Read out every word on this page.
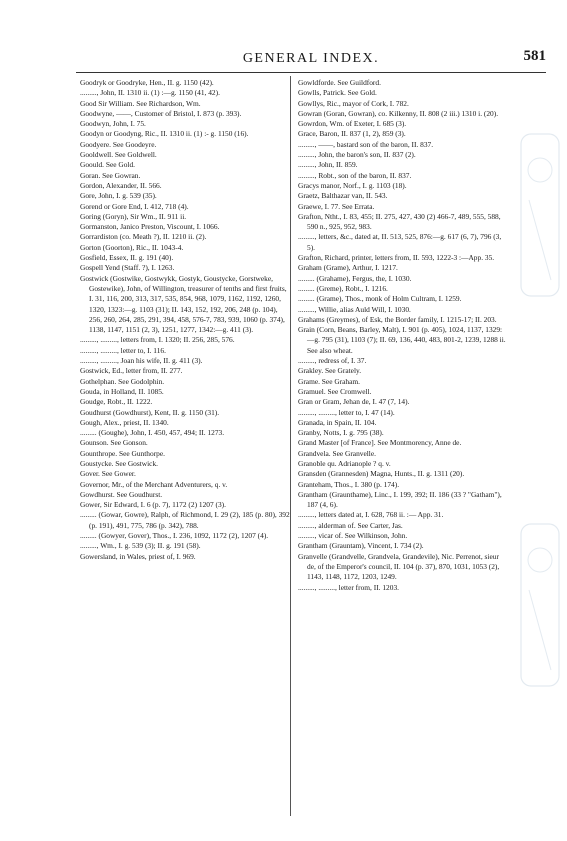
GENERAL INDEX.	581
Goodryk or Goodryke, Hen., II. g. 1150 (42).
........., John, II. 1310 ii. (1) :—g. 1150 (41, 42).
Good Sir William. See Richardson, Wm.
Goodwyne, ——, Customer of Bristol, I. 873 (p. 393).
Goodwyn, John, I. 75.
Goodyn or Goodyng, Ric., II. 1310 ii. (1) :- g. 1150 (16).
Goodyere. See Goodeyre.
Gooldwell. See Goldwell.
Goould. See Gold.
Goran. See Gowran.
Gordon, Alexander, II. 566.
Gore, John, I. g. 539 (35).
Gorend or Gore End, I. 412, 718 (4).
Goring (Goryn), Sir Wm., II. 911 ii.
Gormanston, Janico Preston, Viscount, I. 1066.
Gorrardiston (co. Meath ?), II. 1210 ii. (2).
Gorton (Goorton), Ric., II. 1043-4.
Gosfield, Essex, II. g. 191 (40).
Gospell Yend (Staff. ?), I. 1263.
Gostwick (Gostwike, Gostwykk, Gostyk, Goustycke, Gorstweke, Gostewike), John, of Willington, treasurer of tenths and first fruits, I. 31, 116, 200, 313, 317, 535, 854, 968, 1079, 1162, 1192, 1260, 1320, 1323:—g. 1103 (31); II. 143, 152, 192, 206, 248 (p. 104), 256, 260, 264, 285, 291, 394, 458, 576-7, 783, 939, 1060 (p. 374), 1138, 1147, 1151 (2, 3), 1251, 1277, 1342:—g. 411 (3).
........., ........., letters from, I. 1320; II. 256, 285, 576.
........., ........., letter to, I. 116.
........., ........., Joan his wife, II. g. 411 (3).
Gostwick, Ed., letter from, II. 277.
Gothelphan. See Godolphin.
Gouda, in Holland, II. 1085.
Goudge, Robt., II. 1222.
Goudhurst (Gowdhurst), Kent, II. g. 1150 (31).
Gough, Alex., priest, II. 1340.
......... (Goughe), John, I. 450, 457, 494; II. 1273.
Gounson. See Gonson.
Gounthrope. See Gunthorpe.
Goustycke. See Gostwick.
Gover. See Gower.
Governor, Mr., of the Merchant Adventurers, q. v.
Gowdhurst. See Goudhurst.
Gower, Sir Edward, I. 6 (p. 7), 1172 (2) 1207 (3).
......... (Gowar, Gowre), Ralph, of Richmond, I. 29 (2), 185 (p. 80), 392 (p. 191), 491, 775, 786 (p. 342), 788.
......... (Gowyer, Gover), Thos., I. 236, 1092, 1172 (2), 1207 (4).
........., Wm., I. g. 539 (3); II. g. 191 (58).
Gowersland, in Wales, priest of, I. 969.
Gowldforde. See Guildford.
Gowlls, Patrick. See Gold.
Gowllys, Ric., mayor of Cork, I. 782.
Gowran (Goran, Gowran), co. Kilkenny, II. 808 (2 iii.) 1310 i. (20).
Gowrdon, Wm. of Exeter, I. 685 (3).
Grace, Baron, II. 837 (1, 2), 859 (3).
........., ——, bastard son of the baron, II. 837.
........., John, the baron's son, II. 837 (2).
........., John, II. 859.
........., Robt., son of the baron, II. 837.
Gracys manor, Norf., I. g. 1103 (18).
Graetz, Balthazar van, II. 543.
Graewe, I. 77. See Errata.
Grafton, Ntht., I. 83, 455; II. 275, 427, 430 (2) 466-7, 489, 555, 588, 590 n., 925, 952, 983.
........., letters, &c., dated at, II. 513, 525, 876:—g. 617 (6, 7), 796 (3, 5).
Grafton, Richard, printer, letters from, II. 593, 1222-3 :—App. 35.
Graham (Grame), Arthur, I. 1217.
......... (Grahame), Fergus, the, I. 1030.
......... (Greme), Robt., I. 1216.
......... (Grame), Thos., monk of Holm Cultram, I. 1259.
........., Willie, alias Auld Will, I. 1030.
Grahams (Greymes), of Esk, the Border family, I. 1215-17; II. 203.
Grain (Corn, Beans, Barley, Malt), I. 901 (p. 405), 1024, 1137, 1329:—g. 795 (31), 1103 (7); II. 69, 136, 440, 483, 801-2, 1239, 1288 ii. See also wheat.
........., redress of, I. 37.
Grakley. See Grately.
Grame. See Graham.
Gramuel. See Cromwell.
Gran or Gram, Jehan de, I. 47 (7, 14).
........., ........., letter to, I. 47 (14).
Granada, in Spain, II. 104.
Granby, Notts, I. g. 795 (38).
Grand Master [of France]. See Montmorency, Anne de.
Grandvela. See Granvelle.
Granoble qu. Adrianople ? q. v.
Gransden (Grannesden) Magna, Hunts., II. g. 1311 (20).
Granteham, Thos., I. 380 (p. 174).
Grantham (Graunthame), Linc., I. 199, 392; II. 186 (33 ? "Gatham"), 187 (4, 6).
........., letters dated at, I. 628, 768 ii. :— App. 31.
........., alderman of. See Carter, Jas.
........., vicar of. See Wilkinson, John.
Grantham (Grauntam), Vincent, I. 734 (2).
Granvelle (Grandvelle, Grandvela, Grandevile), Nic. Perrenot, sieur de, of the Emperor's council, II. 104 (p. 37), 870, 1031, 1053 (2), 1143, 1148, 1172, 1203, 1249.
........., ........., letter from, II. 1203.
